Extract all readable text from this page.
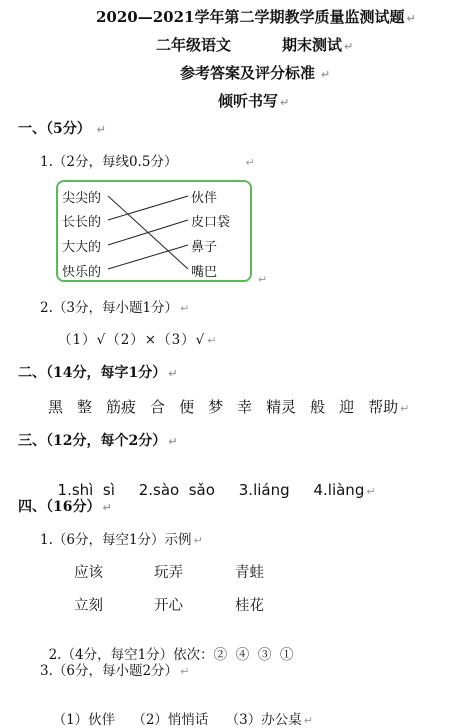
2020—2021学年第二学期教学质量监测试题 ↵
二年级语文	期末测试 ↵
参考答案及评分标准 ↵
倾听书写 ↵
一、（5分） ↵
1.（2分，每线0.5分）	↵
尖尖的
长长的
大大的
快乐的
伙伴
皮口袋
鼻子
嘴巴	↵
2.（3分，每小题1分） ↵
（1）√（2）×（3）√ ↵
二、（14分，每字1分） ↵
黑 整 筋疲 合 便 梦 幸 精灵 般 迎 帮助 ↵
三、（12分，每个2分） ↵

1.shì  sì     2.sào  sǎo     3.liáng     4.liàng ↵

四、（16分） ↵
1.（6分，每空1分）示例 ↵
应该	玩弄	青蛙
立刻	开心	桂花

2.（4分，每空1分）依次：②  ④  ③  ①

3.（6分，每小题2分） ↵

（1）伙伴    （2）悄悄话    （3）办公桌 ↵
